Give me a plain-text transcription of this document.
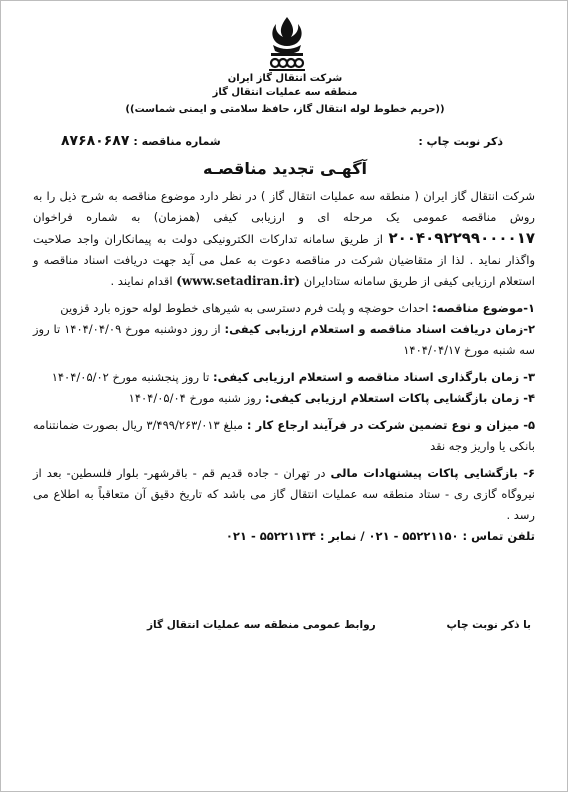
شرکت انتقال گاز ایران
منطقه سه عملیات انتقال گاز
((حریم خطوط لوله انتقال گاز، حافظ سلامتی و ایمنی شماست))
شماره مناقصه :
۸۷۶۸۰۶۸۷	ذکر نوبت چاپ :
آگهـی تجدید مناقصـه

شرکت انتقال گاز ایران ( منطقه سه عملیات انتقال گاز ) در نظر دارد موضوع مناقصه به شرح ذیل را به روش مناقصه عمومی یک مرحله ای و ارزیابی کیفی (همزمان) به شماره فراخوان ۲۰۰۴۰۹۲۲۹۹۰۰۰۰۱۷ از طریق سامانه تدارکات الکترونیکی دولت به پیمانکاران واجد صلاحیت واگذار نماید . لذا از متقاضیان شرکت در مناقصه دعوت به عمل می آید جهت دریافت اسناد مناقصه و استعلام ارزیابی کیفی از طریق سامانه ستادایران (www.setadiran.ir) اقدام نمایند .

۱-موضوع مناقصه: احداث حوضچه و پلت فرم دسترسی به شیرهای خطوط لوله حوزه بارد قزوین

۲-زمان دریافت اسناد مناقصه و استعلام ارزیابی کیفی: از روز دوشنبه مورخ ۱۴۰۴/۰۴/۰۹ تا روز سه شنبه مورخ ۱۴۰۴/۰۴/۱۷

۳- زمان بارگذاری اسناد مناقصه و استعلام ارزیابی کیفی: تا روز پنجشنبه مورخ ۱۴۰۴/۰۵/۰۲

۴- زمان بازگشایی پاکات استعلام ارزیابی کیفی: روز شنبه مورخ ۱۴۰۴/۰۵/۰۴

۵- میزان و نوع تضمین شرکت در فرآیند ارجاع کار : مبلغ ۳/۴۹۹/۲۶۳/۰۱۳ ریال بصورت ضمانتنامه بانکی یا واریز وجه نقد

۶- بازگشایی پاکات پیشنهادات مالی در تهران - جاده قدیم قم - باقرشهر- بلوار فلسطین- بعد از نیروگاه گازی ری - ستاد منطقه سه عملیات انتقال گاز می باشد که تاریخ دقیق آن متعاقباً به اطلاع می رسد .

تلفن تماس : ۵۵۲۲۱۱۵۰ - ۰۲۱ / نمابر : ۵۵۲۲۱۱۳۴ - ۰۲۱

با ذکر نوبت چاپ
روابط عمومی منطقه سه عملیات انتقال گاز
